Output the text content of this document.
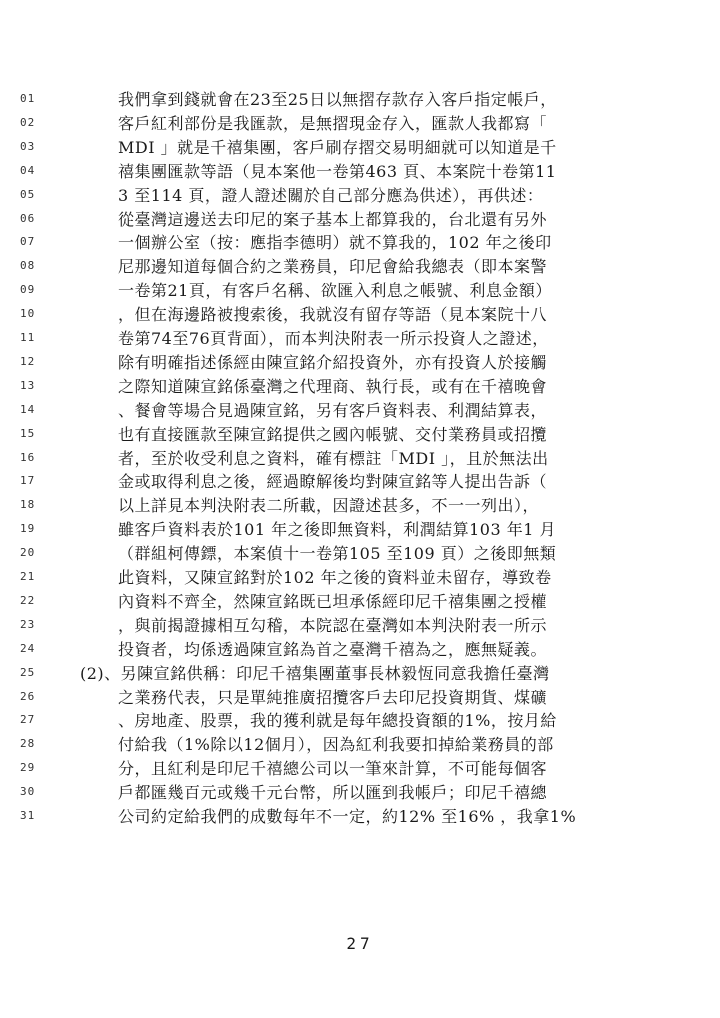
01	我們拿到錢就會在23至25日以無摺存款存入客戶指定帳戶，
02	客戶紅利部份是我匯款，是無摺現金存入，匯款人我都寫「
03	MDI 」就是千禧集團，客戶刷存摺交易明細就可以知道是千
04	禧集團匯款等語（見本案他一卷第463 頁、本案院十卷第11
05	3 至114 頁，證人證述關於自己部分應為供述），再供述：
06	從臺灣這邊送去印尼的案子基本上都算我的，台北還有另外
07	一個辦公室（按：應指李德明）就不算我的，102 年之後印
08	尼那邊知道每個合約之業務員，印尼會給我總表（即本案警
09	一卷第21頁，有客戶名稱、欲匯入利息之帳號、利息金額）
10	，但在海邊路被搜索後，我就沒有留存等語（見本案院十八
11	卷第74至76頁背面），而本判決附表一所示投資人之證述，
12	除有明確指述係經由陳宣銘介紹投資外，亦有投資人於接觸
13	之際知道陳宣銘係臺灣之代理商、執行長，或有在千禧晚會
14	、餐會等場合見過陳宣銘，另有客戶資料表、利潤結算表，
15	也有直接匯款至陳宣銘提供之國內帳號、交付業務員或招攬
16	者，至於收受利息之資料，確有標註「MDI 」，且於無法出
17	金或取得利息之後，經過瞭解後均對陳宣銘等人提出告訴（
18	以上詳見本判決附表二所載，因證述甚多，不一一列出），
19	雖客戶資料表於101 年之後即無資料，利潤結算103 年1 月
20	（群組柯傳鏢，本案偵十一卷第105 至109 頁）之後即無類
21	此資料，又陳宣銘對於102 年之後的資料並未留存，導致卷
22	內資料不齊全，然陳宣銘既已坦承係經印尼千禧集團之授權
23	，與前揭證據相互勾稽，本院認在臺灣如本判決附表一所示
24	投資者，均係透過陳宣銘為首之臺灣千禧為之，應無疑義。
25	(2)、另陳宣銘供稱：印尼千禧集團董事長林毅恆同意我擔任臺灣
26	之業務代表，只是單純推廣招攬客戶去印尼投資期貨、煤礦
27	、房地產、股票，我的獲利就是每年總投資額的1%，按月給
28	付給我（1%除以12個月），因為紅利我要扣掉給業務員的部
29	分，且紅利是印尼千禧總公司以一筆來計算，不可能每個客
30	戶都匯幾百元或幾千元台幣，所以匯到我帳戶；印尼千禧總
31	公司約定給我們的成數每年不一定，約12% 至16% ，我拿1%
27
